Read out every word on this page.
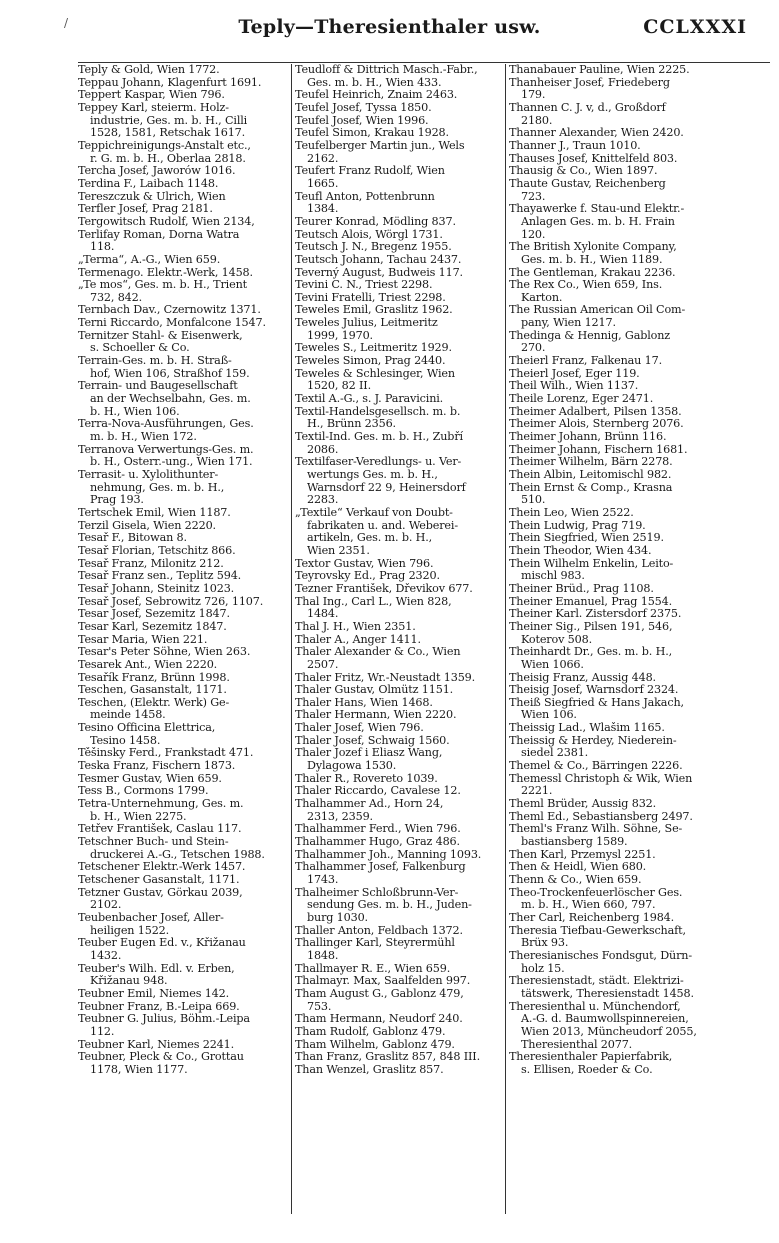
/	Teply—Theresienthaler usw.	CCLXXXI
Teply & Gold, Wien 1772.
Teppau Johann, Klagenfurt 1691.
Teppert Kaspar, Wien 796.
Teppey Karl, steierm. Holz-
industrie, Ges. m. b. H., Cilli
1528, 1581, Retschak 1617.
Teppichreinigungs-Anstalt etc.,
r. G. m. b. H., Oberlaa 2818.
Tercha Josef, Jaworów 1016.
Terdina F., Laibach 1148.
Tereszczuk & Ulrich, Wien
Terfler Josef, Prag 2181.
Tergowitsch Rudolf, Wien 2134,
Terlifay Roman, Dorna Watra
118.
„Terma“, A.-G., Wien 659.
Termenago. Elektr.-Werk, 1458.
„Te mos“, Ges. m. b. H., Trient
732, 842.
Ternbach Dav., Czernowitz 1371.
Terni Riccardo, Monfalcone 1547.
Ternitzer Stahl- & Eisenwerk,
s. Schoeller & Co.
Terrain-Ges. m. b. H. Straß-
hof, Wien 106, Straßhof 159.
Terrain- und Baugesellschaft
an der Wechselbahn, Ges. m.
b. H., Wien 106.
Terra-Nova-Ausführungen, Ges.
m. b. H., Wien 172.
Terranova Verwertungs-Ges. m.
b. H., Österr.-ung., Wien 171.
Terrasit- u. Xylolithunter-
nehmung, Ges. m. b. H.,
Prag 193.
Tertschek Emil, Wien 1187.
Terzil Gisela, Wien 2220.
Tesař F., Bitowan 8.
Tesař Florian, Tetschitz 866.
Tesař Franz, Milonitz 212.
Tesař Franz sen., Teplitz 594.
Tesař Johann, Steinitz 1023.
Tesař Josef, Sebrowitz 726, 1107.
Tesar Josef, Sezemitz 1847.
Tesar Karl, Sezemitz 1847.
Tesar Maria, Wien 221.
Tesar's Peter Söhne, Wien 263.
Tesarek Ant., Wien 2220.
Tesařík Franz, Brünn 1998.
Teschen, Gasanstalt, 1171.
Teschen, (Elektr. Werk) Ge-
meinde 1458.
Tesino Officina Elettrica,
Tesino 1458.
Těšinsky Ferd., Frankstadt 471.
Teska Franz, Fischern 1873.
Tesmer Gustav, Wien 659.
Tess B., Cormons 1799.
Tetra-Unternehmung, Ges. m.
b. H., Wien 2275.
Tetřev František, Časlau 117.
Tetschner Buch- und Stein-
druckerei A.-G., Tetschen 1988.
Tetschener Elektr.-Werk 1457.
Tetschener Gasanstalt, 1171.
Tetzner Gustav, Görkau 2039,
2102.
Teubenbacher Josef, Aller-
heiligen 1522.
Teuber Eugen Ed. v., Křižanau
1432.
Teuber's Wilh. Edl. v. Erben,
Křižanau 948.
Teubner Emil, Niemes 142.
Teubner Franz, B.-Leipa 669.
Teubner G. Julius, Böhm.-Leipa
112.
Teubner Karl, Niemes 2241.
Teubner, Pleck & Co., Grottau
1178, Wien 1177.
Teudloff & Dittrich Masch.-Fabr.,
Ges. m. b. H., Wien 433.
Teufel Heinrich, Znaim 2463.
Teufel Josef, Tyssa 1850.
Teufel Josef, Wien 1996.
Teufel Simon, Krakau 1928.
Teufelberger Martin jun., Wels
2162.
Teufert Franz Rudolf, Wien
1665.
Teufl Anton, Pottenbrunn
1384.
Teurer Konrad, Mödling 837.
Teutsch Alois, Wörgl 1731.
Teutsch J. N., Bregenz 1955.
Teutsch Johann, Tachau 2437.
Teverný August, Budweis 117.
Tevini C. N., Triest 2298.
Tevini Fratelli, Triest 2298.
Teweles Emil, Graslitz 1962.
Teweles Julius, Leitmeritz
1999, 1970.
Teweles S., Leitmeritz 1929.
Teweles Simon, Prag 2440.
Teweles & Schlesinger, Wien
1520, 82 II.
Textil A.-G., s. J. Paravicini.
Textil-Handelsgesellsch. m. b.
H., Brünn 2356.
Textil-Ind. Ges. m. b. H., Zubří
2086.
Textilfaser-Veredlungs- u. Ver-
wertungs Ges. m. b. H.,
Warnsdorf 22 9, Heinersdorf
2283.
„Textile“ Verkauf von Doubt-
fabrikaten u. and. Webereі-
artikeln, Ges. m. b. H.,
Wien 2351.
Textor Gustav, Wien 796.
Teyrovsky Ed., Prag 2320.
Tezner František, Dřevikov 677.
Thal Ing., Carl L., Wien 828,
1484.
Thal J. H., Wien 2351.
Thaler A., Anger 1411.
Thaler Alexander & Co., Wien
2507.
Thaler Fritz, Wr.-Neustadt 1359.
Thaler Gustav, Olmütz 1151.
Thaler Hans, Wien 1468.
Thaler Hermann, Wien 2220.
Thaler Josef, Wien 796.
Thaler Josef, Schwaig 1560.
Thaler Jozef i Eliasz Wang,
Dylagowa 1530.
Thaler R., Rovereto 1039.
Thaler Riccardo, Cavalese 12.
Thalhammer Ad., Horn 24,
2313, 2359.
Thalhammer Ferd., Wien 796.
Thalhammer Hugo, Graz 486.
Thalhammer Joh., Manning 1093.
Thalhammer Josef, Falkenburg
1743.
Thalheimer Schloßbrunn-Ver-
sendung Ges. m. b. H., Juden-
burg 1030.
Thaller Anton, Feldbach 1372.
Thallinger Karl, Steyrermühl
1848.
Thallmayer R. E., Wien 659.
Thalmayr. Max, Saalfelden 997.
Tham August G., Gablonz 479,
753.
Tham Hermann, Neudorf 240.
Tham Rudolf, Gablonz 479.
Tham Wilhelm, Gablonz 479.
Than Franz, Graslitz 857, 848 III.
Than Wenzel, Graslitz 857.
Thanabauer Pauline, Wien 2225.
Thanheiser Josef, Friedeberg
179.
Thannen C. J. v, d., Großdorf
2180.
Thanner Alexander, Wien 2420.
Thanner J., Traun 1010.
Thauses Josef, Knittelfeld 803.
Thausig & Co., Wien 1897.
Thaute Gustav, Reichenberg
723.
Thayawerke f. Stau-und Elektr.-
Anlagen Ges. m. b. H. Frain
120.
The British Xylonite Company,
Ges. m. b. H., Wien 1189.
The Gentleman, Krakau 2236.
The Rex Co., Wien 659, Ins.
Karton.
The Russian American Oil Com-
pany, Wien 1217.
Thedinga & Hennig, Gablonz
270.
Theierl Franz, Falkenau 17.
Theierl Josef, Eger 119.
Theil Wilh., Wien 1137.
Theile Lorenz, Eger 2471.
Theimer Adalbert, Pilsen 1358.
Theimer Alois, Sternberg 2076.
Theimer Johann, Brünn 116.
Theimer Johann, Fischern 1681.
Theimer Wilhelm, Bärn 2278.
Thein Albin, Leitomischl 982.
Thein Ernst & Comp., Krasna
510.
Thein Leo, Wien 2522.
Thein Ludwig, Prag 719.
Thein Siegfried, Wien 2519.
Thein Theodor, Wien 434.
Thein Wilhelm Enkelin, Leito-
mischl 983.
Theiner Brüd., Prag 1108.
Theiner Emanuel, Prag 1554.
Theiner Karl. Zistersdorf 2375.
Theiner Sig., Pilsen 191, 546,
Koterov 508.
Theinhardt Dr., Ges. m. b. H.,
Wien 1066.
Theisig Franz, Aussig 448.
Theisig Josef, Warnsdorf 2324.
Theiß Siegfried & Hans Jakach,
Wien 106.
Theissig Lad., Wlašim 1165.
Theissig & Herdey, Niederein-
siedel 2381.
Themel & Co., Bärringen 2226.
Themessl Christoph & Wik, Wien
2221.
Theml Brüder, Aussig 832.
Theml Ed., Sebastiansberg 2497.
Theml's Franz Wilh. Söhne, Se-
bastiansberg 1589.
Then Karl, Przemysl 2251.
Then & Heidl, Wien 680.
Thenn & Co., Wien 659.
Theo-Trockenfeuerlöscher Ges.
m. b. H., Wien 660, 797.
Ther Carl, Reichenberg 1984.
Theresia Tiefbau-Gewerkschaft,
Brüx 93.
Theresianisches Fondsgut, Dürn-
holz 15.
Theresienstadt, städt. Elektrizi-
tätswerk, Theresienstadt 1458.
Theresienthal u. Münchendorf,
A.-G. d. Baumwollspinnereien,
Wien 2013, Müncheudorf 2055,
Theresienthal 2077.
Theresienthaler Papierfabrik,
s. Ellisen, Roeder & Co.
